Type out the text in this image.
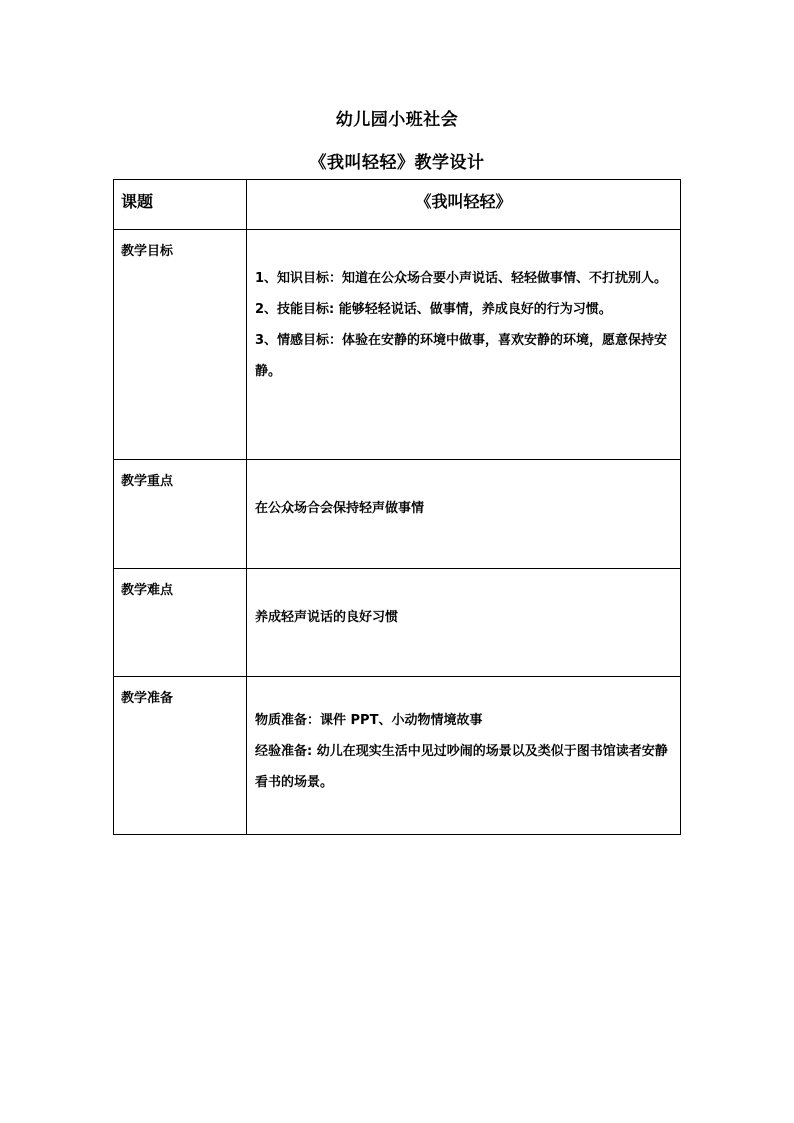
幼儿园小班社会
《我叫轻轻》教学设计
课题	《我叫轻轻》
教学目标	1、知识目标：知道在公众场合要小声说话、轻轻做事情、不打扰别人。
2、技能目标: 能够轻轻说话、做事情，养成良好的行为习惯。
3、情感目标：体验在安静的环境中做事，喜欢安静的环境，愿意保持安静。

教学重点	在公众场合会保持轻声做事情

教学难点	养成轻声说话的良好习惯

教学准备	物质准备：课件 PPT、小动物情境故事
经验准备: 幼儿在现实生活中见过吵闹的场景以及类似于图书馆读者安静看书的场景。
